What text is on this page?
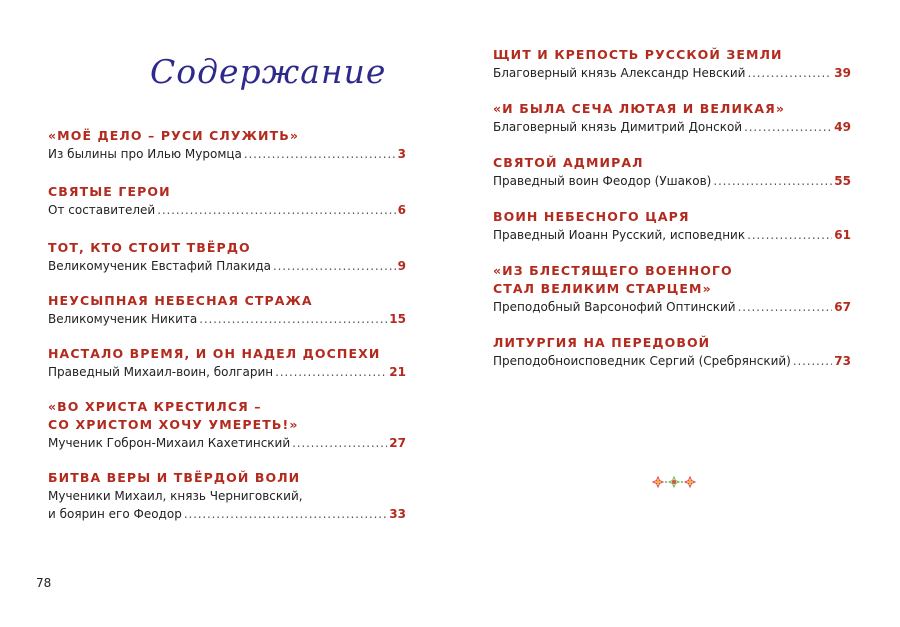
Содержание
«МОЁ ДЕЛО – РУСИ СЛУЖИТЬ»
Из былины про Илью Муромца . . .	3
СВЯТЫЕ ГЕРОИ
От составителей . . .	6
ТОТ, КТО СТОИТ ТВЁРДО
Великомученик Евстафий Плакида . . .	9
НЕУСЫПНАЯ НЕБЕСНАЯ СТРАЖА
Великомученик Никита . . .	15
НАСТАЛО ВРЕМЯ, И ОН НАДЕЛ ДОСПЕХИ
Праведный Михаил-воин, болгарин . . .	21
«ВО ХРИСТА КРЕСТИЛСЯ –
СО ХРИСТОМ ХОЧУ УМЕРЕТЬ!»
Мученик Гоброн-Михаил Кахетинский . . .	27
БИТВА ВЕРЫ И ТВЁРДОЙ ВОЛИ
Мученики Михаил, князь Черниговский,
и боярин его Феодор . . .	33
ЩИТ И КРЕПОСТЬ РУССКОЙ ЗЕМЛИ
Благоверный князь Александр Невский . . .	39
«И БЫЛА СЕЧА ЛЮТАЯ И ВЕЛИКАЯ»
Благоверный князь Димитрий Донской . . .	49
СВЯТОЙ АДМИРАЛ
Праведный воин Феодор (Ушаков) . . .	55
ВОИН НЕБЕСНОГО ЦАРЯ
Праведный Иоанн Русский, исповедник . . .	61
«ИЗ БЛЕСТЯЩЕГО ВОЕННОГО
СТАЛ ВЕЛИКИМ СТАРЦЕМ»
Преподобный Варсонофий Оптинский . . .	67
ЛИТУРГИЯ НА ПЕРЕДОВОЙ
Преподобноисповедник Сергий (Сребрянский) . . .	73
78
